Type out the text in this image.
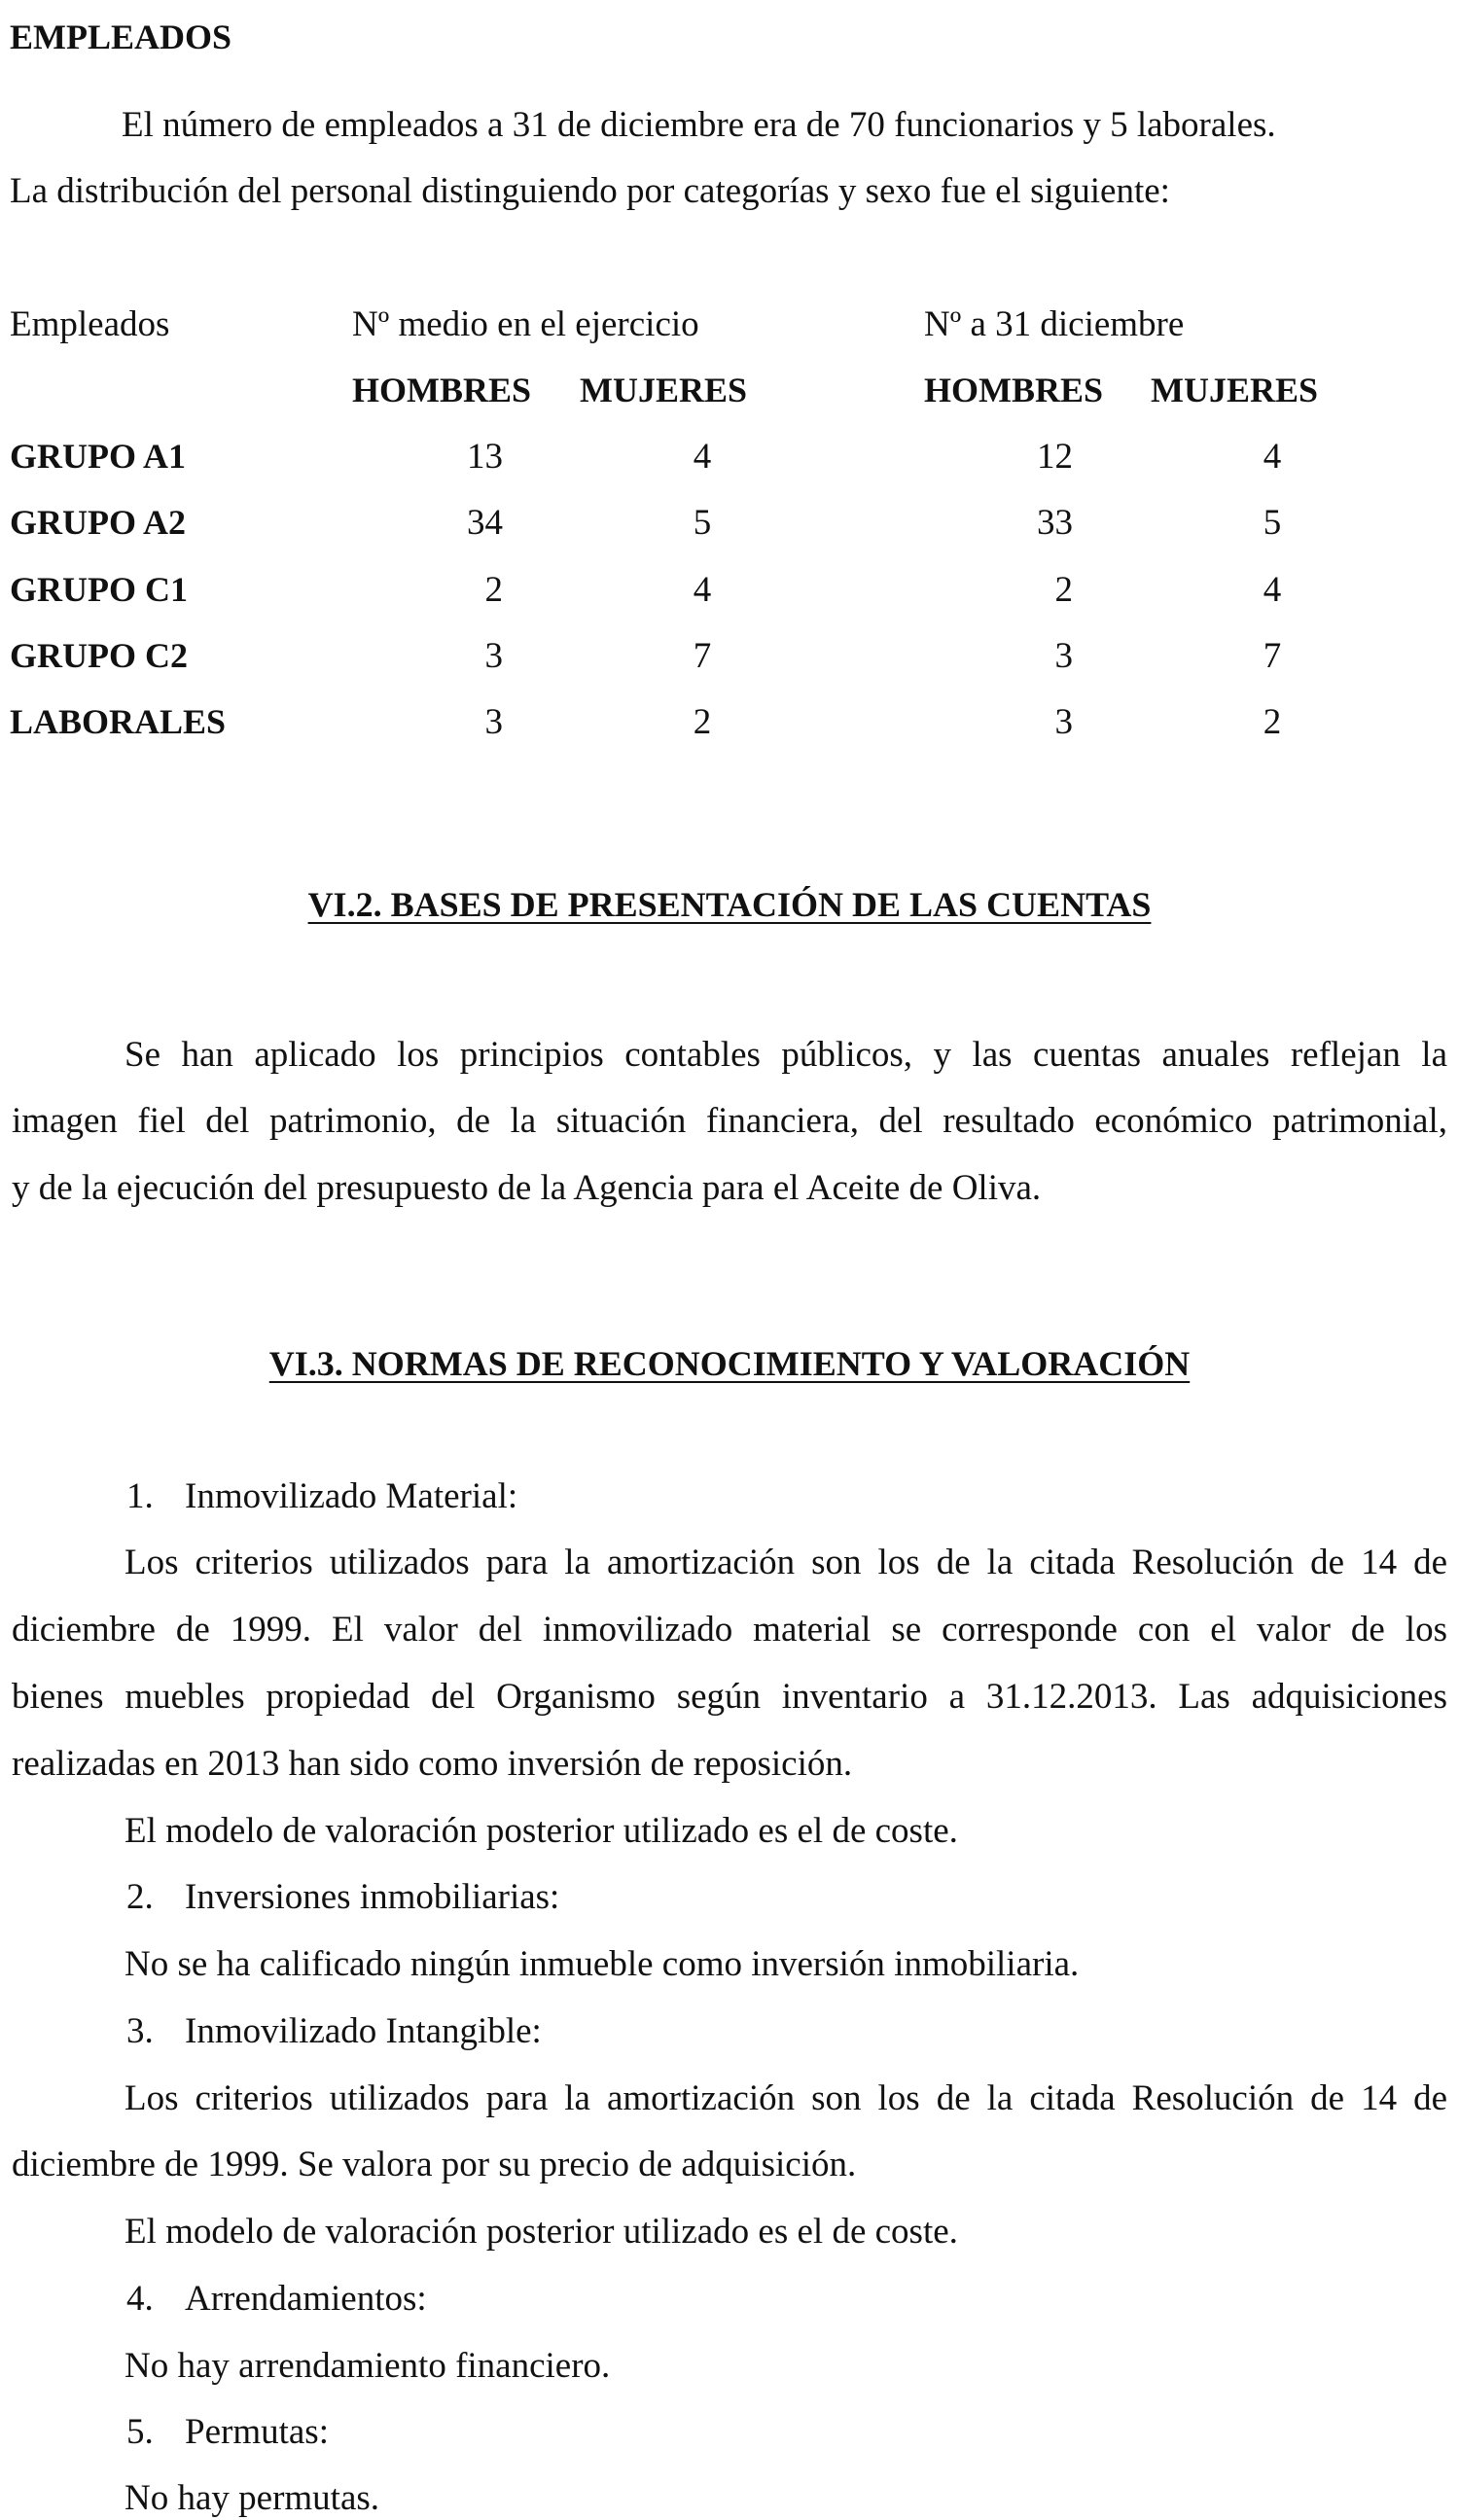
EMPLEADOS
El número de empleados a 31 de diciembre era de 70 funcionarios y 5 laborales.
La distribución del personal distinguiendo por categorías y sexo fue el siguiente:
Empleados	Nº medio en el ejercicio	Nº a 31 diciembre
HOMBRES MUJERES	HOMBRES MUJERES
GRUPO A1	13	4	12	4
GRUPO A2	34	5	33	5
GRUPO C1	2	4	2	4
GRUPO C2	3	7	3	7
LABORALES	3	2	3	2
VI.2. BASES DE PRESENTACIÓN DE LAS CUENTAS
Se han aplicado los principios contables públicos, y las cuentas anuales reflejan la
imagen fiel del patrimonio, de la situación financiera, del resultado económico patrimonial,
y de la ejecución del presupuesto de la Agencia para el Aceite de Oliva.
VI.3. NORMAS DE RECONOCIMIENTO Y VALORACIÓN
1. Inmovilizado Material:
Los criterios utilizados para la amortización son los de la citada Resolución de 14 de
diciembre de 1999. El valor del inmovilizado material se corresponde con el valor de los
bienes muebles propiedad del Organismo según inventario a 31.12.2013. Las adquisiciones
realizadas en 2013 han sido como inversión de reposición.
El modelo de valoración posterior utilizado es el de coste.
2. Inversiones inmobiliarias:
No se ha calificado ningún inmueble como inversión inmobiliaria.
3. Inmovilizado Intangible:
Los criterios utilizados para la amortización son los de la citada Resolución de 14 de
diciembre de 1999. Se valora por su precio de adquisición.
El modelo de valoración posterior utilizado es el de coste.
4. Arrendamientos:
No hay arrendamiento financiero.
5. Permutas:
No hay permutas.
